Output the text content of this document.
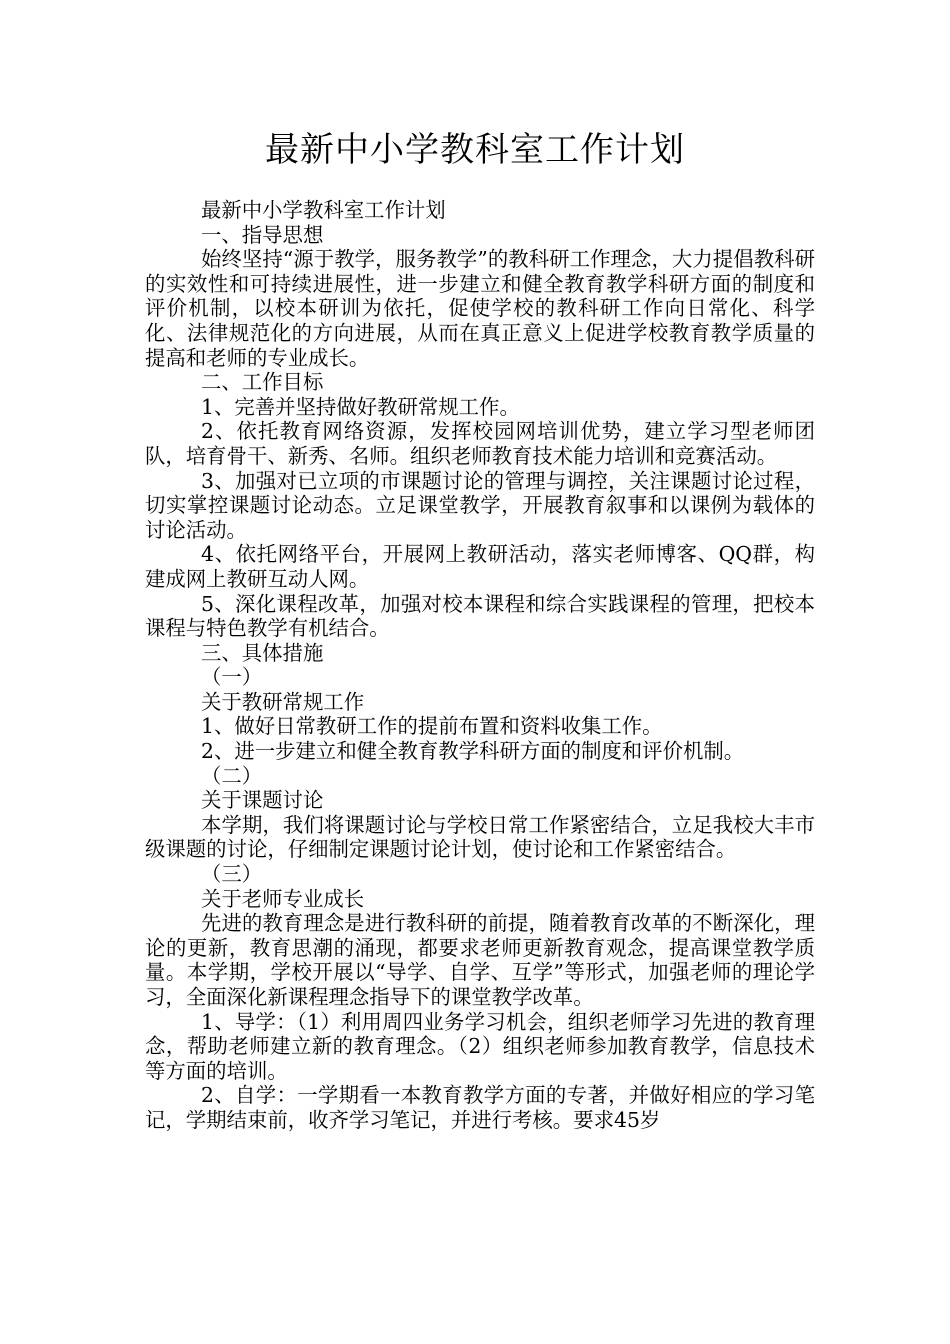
最新中小学教科室工作计划

最新中小学教科室工作计划

一、指导思想

始终坚持“源于教学，服务教学”的教科研工作理念，大力提倡教科研的实效性和可持续进展性，进一步建立和健全教育教学科研方面的制度和评价机制，以校本研训为依托，促使学校的教科研工作向日常化、科学化、法律规范化的方向进展，从而在真正意义上促进学校教育教学质量的提高和老师的专业成长。

二、工作目标

1、完善并坚持做好教研常规工作。

2、依托教育网络资源，发挥校园网培训优势，建立学习型老师团队，培育骨干、新秀、名师。组织老师教育技术能力培训和竞赛活动。

3、加强对已立项的市课题讨论的管理与调控，关注课题讨论过程，切实掌控课题讨论动态。立足课堂教学，开展教育叙事和以课例为载体的讨论活动。

4、依托网络平台，开展网上教研活动，落实老师博客、QQ群，构建成网上教研互动人网。

5、深化课程改革，加强对校本课程和综合实践课程的管理，把校本课程与特色教学有机结合。

三、具体措施

（一）

关于教研常规工作

1、做好日常教研工作的提前布置和资料收集工作。

2、进一步建立和健全教育教学科研方面的制度和评价机制。

（二）

关于课题讨论

本学期，我们将课题讨论与学校日常工作紧密结合，立足我校大丰市级课题的讨论，仔细制定课题讨论计划，使讨论和工作紧密结合。

（三）

关于老师专业成长

先进的教育理念是进行教科研的前提，随着教育改革的不断深化，理论的更新，教育思潮的涌现，都要求老师更新教育观念，提高课堂教学质量。本学期，学校开展以“导学、自学、互学”等形式，加强老师的理论学习，全面深化新课程理念指导下的课堂教学改革。

1、导学：（1）利用周四业务学习机会，组织老师学习先进的教育理念，帮助老师建立新的教育理念。（2）组织老师参加教育教学，信息技术等方面的培训。

2、自学：一学期看一本教育教学方面的专著，并做好相应的学习笔记，学期结束前，收齐学习笔记，并进行考核。要求45岁
